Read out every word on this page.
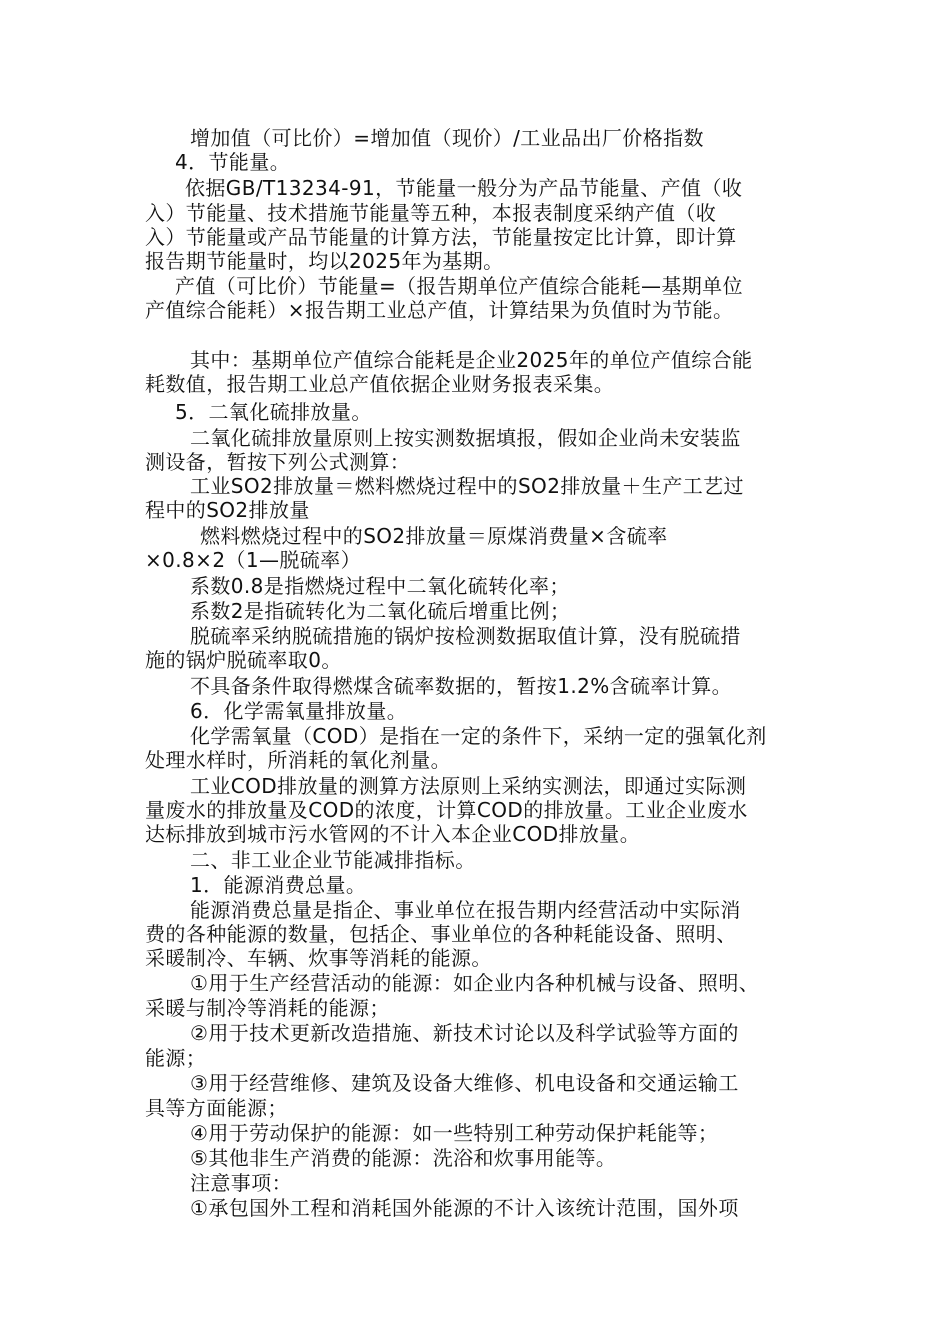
增加值（可比价）=增加值（现价）/工业品出厂价格指数
4．节能量。
依据GB/T13234-91，节能量一般分为产品节能量、产值（收
入）节能量、技术措施节能量等五种，本报表制度采纳产值（收
入）节能量或产品节能量的计算方法，节能量按定比计算，即计算
报告期节能量时，均以2025年为基期。
产值（可比价）节能量=（报告期单位产值综合能耗—基期单位
产值综合能耗）×报告期工业总产值，计算结果为负值时为节能。
其中：基期单位产值综合能耗是企业2025年的单位产值综合能
耗数值，报告期工业总产值依据企业财务报表采集。
5．二氧化硫排放量。
二氧化硫排放量原则上按实测数据填报，假如企业尚未安装监
测设备，暂按下列公式测算：
工业SO2排放量＝燃料燃烧过程中的SO2排放量＋生产工艺过
程中的SO2排放量
燃料燃烧过程中的SO2排放量＝原煤消费量×含硫率
×0.8×2（1—脱硫率）
系数0.8是指燃烧过程中二氧化硫转化率；
系数2是指硫转化为二氧化硫后增重比例；
脱硫率采纳脱硫措施的锅炉按检测数据取值计算，没有脱硫措
施的锅炉脱硫率取0。
不具备条件取得燃煤含硫率数据的，暂按1.2%含硫率计算。
6．化学需氧量排放量。
化学需氧量（COD）是指在一定的条件下，采纳一定的强氧化剂
处理水样时，所消耗的氧化剂量。
工业COD排放量的测算方法原则上采纳实测法，即通过实际测
量废水的排放量及COD的浓度，计算COD的排放量。工业企业废水
达标排放到城市污水管网的不计入本企业COD排放量。
二、非工业企业节能减排指标。
1．能源消费总量。
能源消费总量是指企、事业单位在报告期内经营活动中实际消
费的各种能源的数量，包括企、事业单位的各种耗能设备、照明、
采暖制冷、车辆、炊事等消耗的能源。
①用于生产经营活动的能源：如企业内各种机械与设备、照明、
采暖与制冷等消耗的能源；
②用于技术更新改造措施、新技术讨论以及科学试验等方面的
能源；
③用于经营维修、建筑及设备大维修、机电设备和交通运输工
具等方面能源；
④用于劳动保护的能源：如一些特别工种劳动保护耗能等；
⑤其他非生产消费的能源：洗浴和炊事用能等。
注意事项：
①承包国外工程和消耗国外能源的不计入该统计范围，国外项
